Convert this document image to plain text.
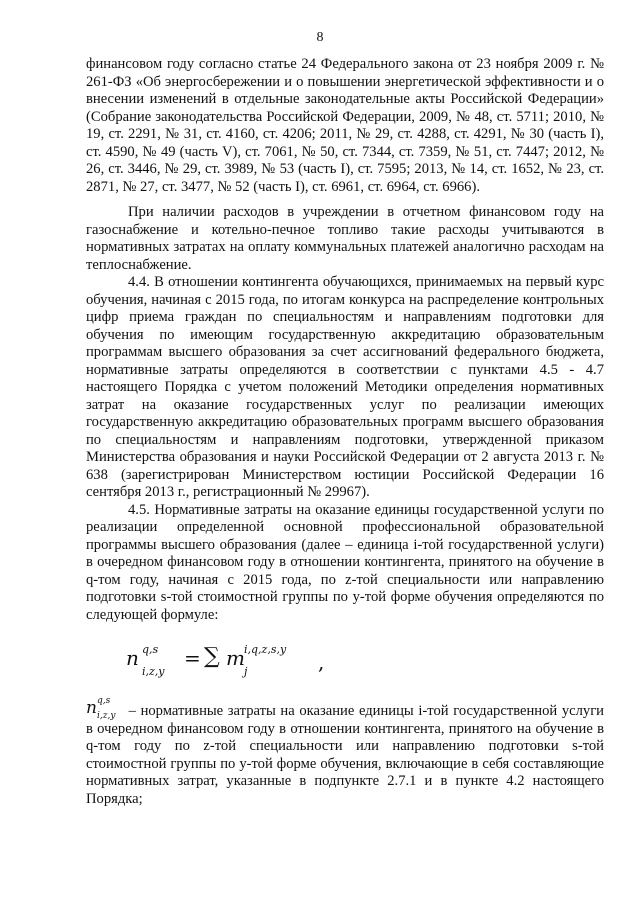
8

финансовом году согласно статье 24 Федерального закона от 23 ноября 2009 г. № 261-ФЗ «Об энергосбережении и о повышении энергетической эффективности и о внесении изменений в отдельные законодательные акты Российской Федерации» (Собрание законодательства Российской Федерации, 2009, № 48, ст. 5711; 2010, № 19, ст. 2291, № 31, ст. 4160, ст. 4206; 2011, № 29, ст. 4288, ст. 4291, № 30 (часть I), ст. 4590, № 49 (часть V), ст. 7061, № 50, ст. 7344, ст. 7359, № 51, ст. 7447; 2012, № 26, ст. 3446, № 29, ст. 3989, № 53 (часть I), ст. 7595; 2013, № 14, ст. 1652, № 23, ст. 2871, № 27, ст. 3477, № 52 (часть I), ст. 6961, ст. 6964, ст. 6966).

При наличии расходов в учреждении в отчетном финансовом году на газоснабжение и котельно-печное топливо такие расходы учитываются в нормативных затратах на оплату коммунальных платежей аналогично расходам на теплоснабжение.

4.4. В отношении контингента обучающихся, принимаемых на первый курс обучения, начиная с 2015 года, по итогам конкурса на распределение контрольных цифр приема граждан по специальностям и направлениям подготовки для обучения по имеющим государственную аккредитацию образовательным программам высшего образования за счет ассигнований федерального бюджета, нормативные затраты определяются в соответствии с пунктами 4.5 - 4.7 настоящего Порядка с учетом положений Методики определения нормативных затрат на оказание государственных услуг по реализации имеющих государственную аккредитацию образовательных программ высшего образования по специальностям и направлениям подготовки, утвержденной приказом Министерства образования и науки Российской Федерации от 2 августа 2013 г. № 638 (зарегистрирован Министерством юстиции Российской Федерации 16 сентября 2013 г., регистрационный № 29967).

4.5. Нормативные затраты на оказание единицы государственной услуги по реализации определенной основной профессиональной образовательной программы высшего образования (далее – единица i-той государственной услуги) в очередном финансовом году в отношении контингента, принятого на обучение в q-том году, начиная с 2015 года, по z-той специальности или направлению подготовки s-той стоимостной группы по y-той форме обучения определяются по следующей формуле:

n q,s
i,z,y
= ∑ m i,q,z,s,y
j	,

n q,s
i,z,y – нормативные затраты на оказание единицы i-той государственной услуги в очередном финансовом году в отношении контингента, принятого на обучение в q-том году по z-той специальности или направлению подготовки s-той стоимостной группы по y-той форме обучения, включающие в себя составляющие нормативных затрат, указанные в подпункте 2.7.1 и в пункте 4.2 настоящего Порядка;
